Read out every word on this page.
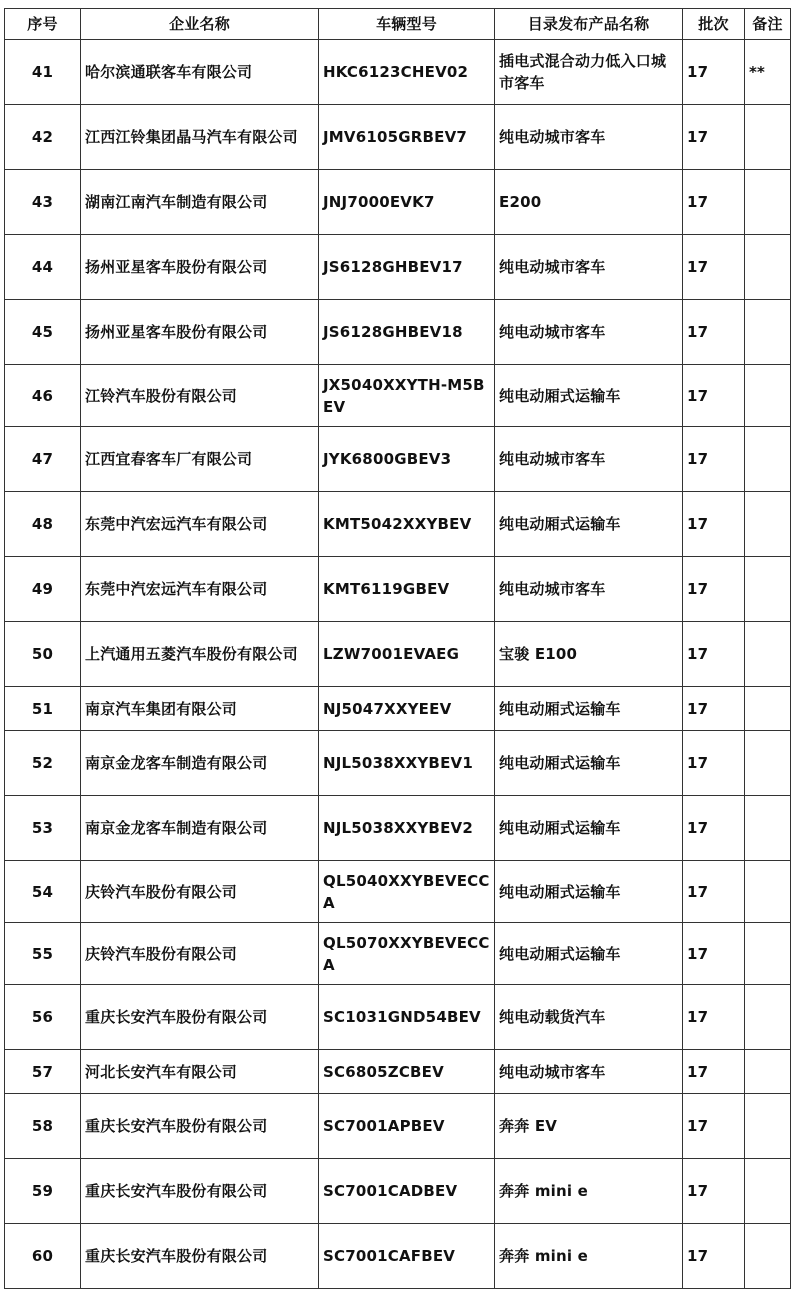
序号	企业名称	车辆型号	目录发布产品名称	批次	备注
41	哈尔滨通联客车有限公司	HKC6123CHEV02	插电式混合动力低入口城市客车	17	**
42	江西江铃集团晶马汽车有限公司	JMV6105GRBEV7	纯电动城市客车	17	
43	湖南江南汽车制造有限公司	JNJ7000EVK7	E200	17	
44	扬州亚星客车股份有限公司	JS6128GHBEV17	纯电动城市客车	17	
45	扬州亚星客车股份有限公司	JS6128GHBEV18	纯电动城市客车	17	
46	江铃汽车股份有限公司	JX5040XXYTH-M5BEV	纯电动厢式运输车	17	
47	江西宜春客车厂有限公司	JYK6800GBEV3	纯电动城市客车	17	
48	东莞中汽宏远汽车有限公司	KMT5042XXYBEV	纯电动厢式运输车	17	
49	东莞中汽宏远汽车有限公司	KMT6119GBEV	纯电动城市客车	17	
50	上汽通用五菱汽车股份有限公司	LZW7001EVAEG	宝骏 E100	17	
51	南京汽车集团有限公司	NJ5047XXYEEV	纯电动厢式运输车	17	
52	南京金龙客车制造有限公司	NJL5038XXYBEV1	纯电动厢式运输车	17	
53	南京金龙客车制造有限公司	NJL5038XXYBEV2	纯电动厢式运输车	17	
54	庆铃汽车股份有限公司	QL5040XXYBEVECCA	纯电动厢式运输车	17	
55	庆铃汽车股份有限公司	QL5070XXYBEVECCA	纯电动厢式运输车	17	
56	重庆长安汽车股份有限公司	SC1031GND54BEV	纯电动载货汽车	17	
57	河北长安汽车有限公司	SC6805ZCBEV	纯电动城市客车	17	
58	重庆长安汽车股份有限公司	SC7001APBEV	奔奔 EV	17	
59	重庆长安汽车股份有限公司	SC7001CADBEV	奔奔 mini e	17	
60	重庆长安汽车股份有限公司	SC7001CAFBEV	奔奔 mini e	17	
